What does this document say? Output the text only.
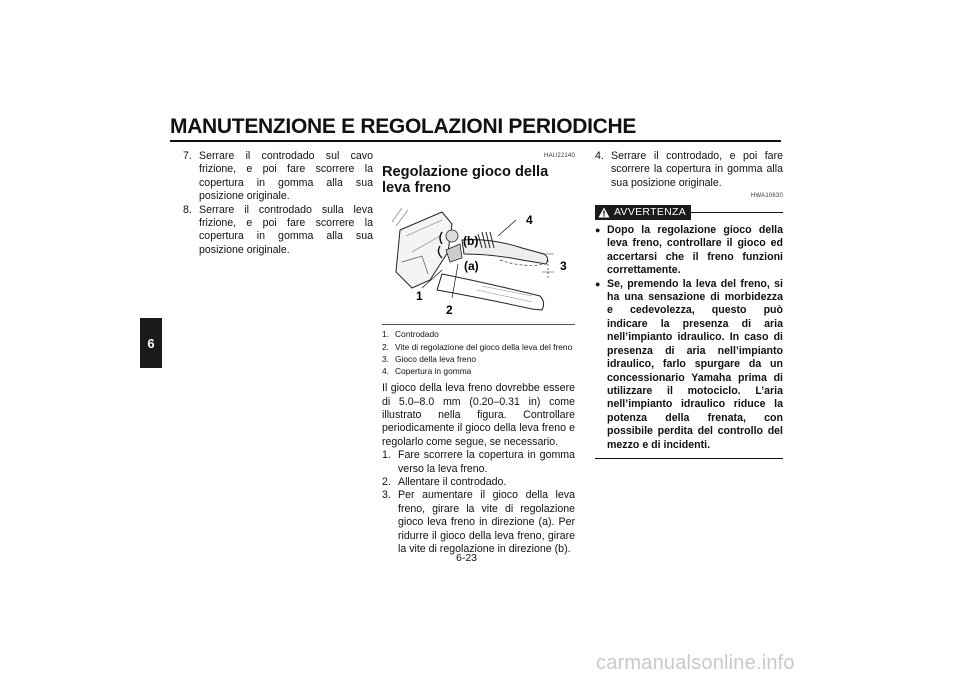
MANUTENZIONE E REGOLAZIONI PERIODICHE
6
7. Serrare il controdado sul cavo frizione, e poi fare scorrere la copertura in gomma alla sua posizione originale.
8. Serrare il controdado sulla leva frizione, e poi fare scorrere la copertura in gomma alla sua posizione originale.
HAU22140
Regolazione gioco della leva freno
(b)
(a)
4
3
1
2
1. Controdado
2. Vite di regolazione del gioco della leva del freno
3. Gioco della leva freno
4. Copertura in gomma

Il gioco della leva freno dovrebbe essere di 5.0–8.0 mm (0.20–0.31 in) come illustrato nella figura. Controllare periodicamente il gioco della leva freno e regolarlo come segue, se necessario.

1. Fare scorrere la copertura in gomma verso la leva freno.
2. Allentare il controdado.
3. Per aumentare il gioco della leva freno, girare la vite di regolazione gioco leva freno in direzione (a). Per ridurre il gioco della leva freno, girare la vite di regolazione in direzione (b).
4. Serrare il controdado, e poi fare scorrere la copertura in gomma alla sua posizione originale.
HWA10630
AVVERTENZA
● Dopo la regolazione gioco della leva freno, controllare il gioco ed accertarsi che il freno funzioni correttamente.
● Se, premendo la leva del freno, si ha una sensazione di morbidezza e cedevolezza, questo può indicare la presenza di aria nell’impianto idraulico. In caso di presenza di aria nell’impianto idraulico, farlo spurgare da un concessionario Yamaha prima di utilizzare il motociclo. L’aria nell’impianto idraulico riduce la potenza della frenata, con possibile perdita del controllo del mezzo e di incidenti.
6-23
carmanualsonline.info
